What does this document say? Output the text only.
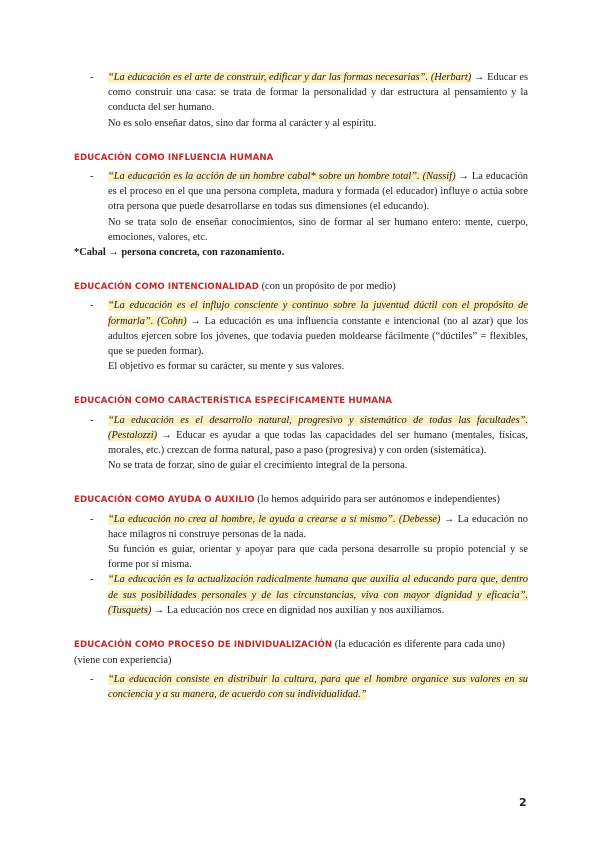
- “La educación es el arte de construir, edificar y dar las formas necesarias”. (Herbart) → Educar es como construir una casa: se trata de formar la personalidad y dar estructura al pensamiento y la conducta del ser humano.
No es solo enseñar datos, sino dar forma al carácter y al espíritu.
EDUCACIÓN COMO INFLUENCIA HUMANA
- “La educación es la acción de un hombre cabal* sobre un hombre total”. (Nassif) → La educación es el proceso en el que una persona completa, madura y formada (el educador) influye o actúa sobre otra persona que puede desarrollarse en todas sus dimensiones (el educando).
No se trata solo de enseñar conocimientos, sino de formar al ser humano entero: mente, cuerpo, emociones, valores, etc.
*Cabal → persona concreta, con razonamiento.
EDUCACIÓN COMO INTENCIONALIDAD (con un propósito de por medio)
- “La educación es el influjo consciente y continuo sobre la juventud dúctil con el propósito de formarla”. (Cohn) → La educación es una influencia constante e intencional (no al azar) que los adultos ejercen sobre los jóvenes, que todavía pueden moldearse fácilmente (“dúctiles” = flexibles, que se pueden formar).
El objetivo es formar su carácter, su mente y sus valores.
EDUCACIÓN COMO CARACTERÍSTICA ESPECÍFICAMENTE HUMANA
- “La educación es el desarrollo natural, progresivo y sistemático de todas las facultades”. (Pestalozzi) → Educar es ayudar a que todas las capacidades del ser humano (mentales, físicas, morales, etc.) crezcan de forma natural, paso a paso (progresiva) y con orden (sistemática).
No se trata de forzar, sino de guiar el crecimiento integral de la persona.
EDUCACIÓN COMO AYUDA O AUXILIO (lo hemos adquirido para ser autónomos e independientes)
- “La educación no crea al hombre, le ayuda a crearse a sí mismo”. (Debesse) → La educación no hace milagros ni construye personas de la nada.
Su función es guiar, orientar y apoyar para que cada persona desarrolle su propio potencial y se forme por sí misma.
- “La educación es la actualización radicalmente humana que auxilia al educando para que, dentro de sus posibilidades personales y de las circunstancias, viva con mayor dignidad y eficacia”. (Tusquets) → La educación nos crece en dignidad nos auxilian y nos auxiliamos.
EDUCACIÓN COMO PROCESO DE INDIVIDUALIZACIÓN (la educación es diferente para cada uno) (viene con experiencia)
- “La educación consiste en distribuir la cultura, para que el hombre organice sus valores en su conciencia y a su manera, de acuerdo con su individualidad.”
2
